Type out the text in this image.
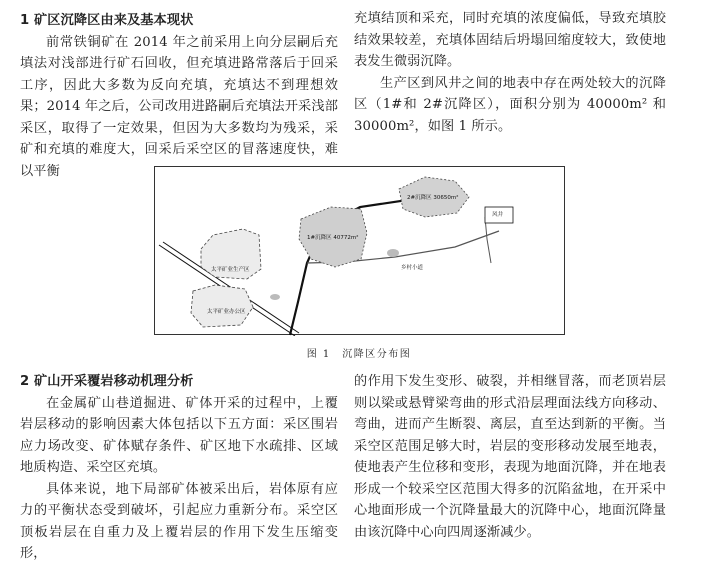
1 矿区沉降区由来及基本现状

前常铁铜矿在 2014 年之前采用上向分层嗣后充填法对浅部进行矿石回收，但充填进路常落后于回采工序，因此大多数为反向充填，充填达不到理想效果；2014 年之后，公司改用进路嗣后充填法开采浅部采区，取得了一定效果，但因为大多数均为残采，采矿和充填的难度大，回采后采空区的冒落速度快，难以平衡

充填结顶和采充，同时充填的浓度偏低，导致充填胶结效果较差，充填体固结后坍塌回缩度较大，致使地表发生微弱沉降。

生产区到风井之间的地表中存在两处较大的沉降区（1#和 2#沉降区），面积分别为 40000m² 和 30000m²，如图 1 所示。

1#沉降区 40772m²
2#沉降区 30650m²
风井
太平矿业生产区
太平矿业办公区
乡村小道
图 1　沉降区分布图
2 矿山开采覆岩移动机理分析

在金属矿山巷道掘进、矿体开采的过程中，上覆岩层移动的影响因素大体包括以下五方面：采区围岩应力场改变、矿体赋存条件、矿区地下水疏排、区域地质构造、采空区充填。

具体来说，地下局部矿体被采出后，岩体原有应力的平衡状态受到破坏，引起应力重新分布。采空区顶板岩层在自重力及上覆岩层的作用下发生压缩变形，

的作用下发生变形、破裂，并相继冒落，而老顶岩层则以梁或悬臂梁弯曲的形式沿层理面法线方向移动、弯曲，进而产生断裂、离层，直至达到新的平衡。当采空区范围足够大时，岩层的变形移动发展至地表，使地表产生位移和变形，表现为地面沉降，并在地表形成一个较采空区范围大得多的沉陷盆地，在开采中心地面形成一个沉降量最大的沉降中心，地面沉降量由该沉降中心向四周逐渐减少。
